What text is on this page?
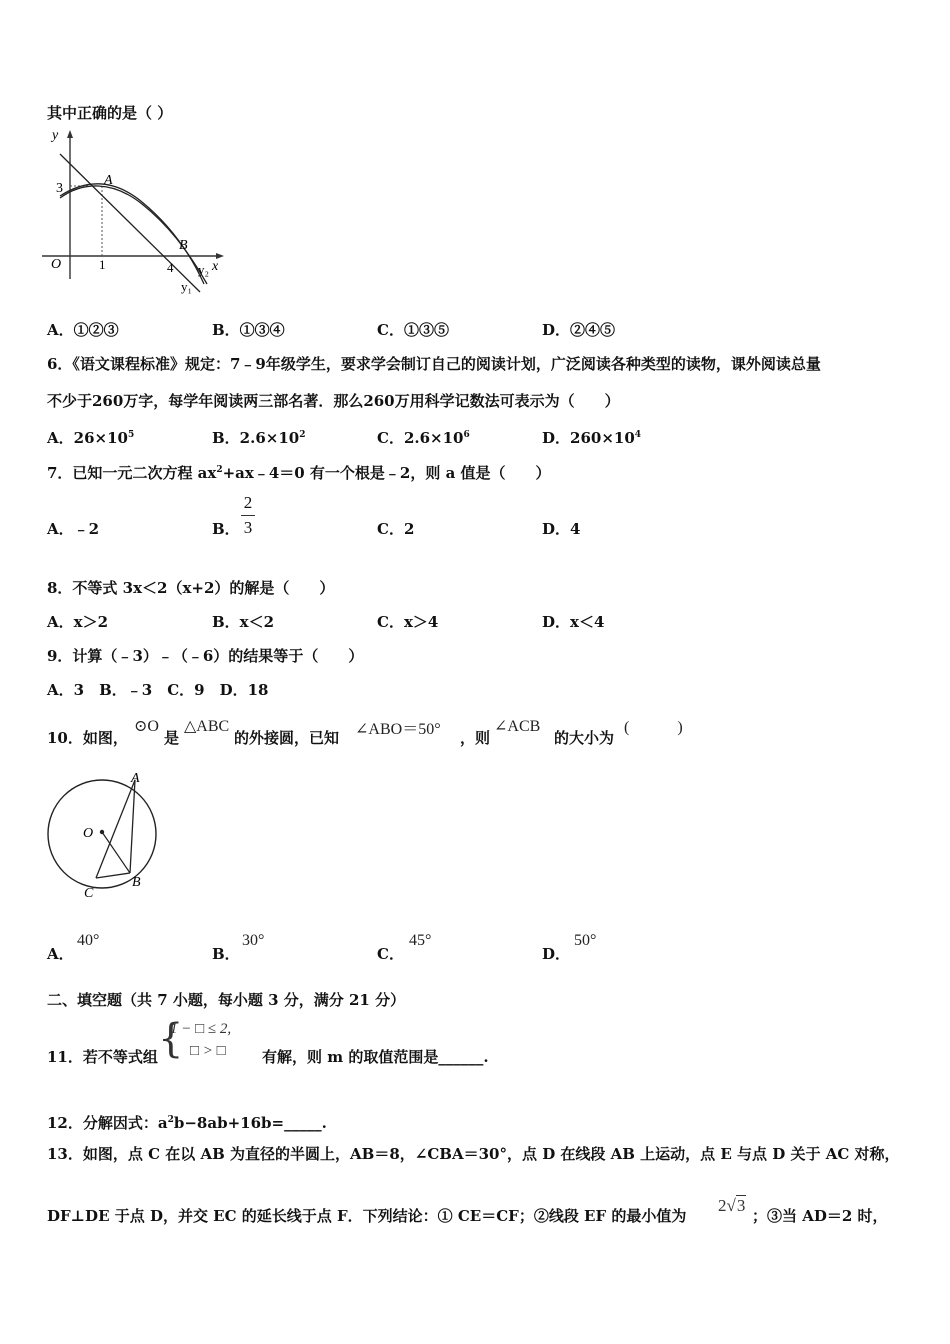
其中正确的是（ ）
y
x
O
3
1	4
A
B
y₂
y₁
A．①②③	B．①③④	C．①③⑤	D．②④⑤
6．《语文课程标准》规定：7﹣9年级学生，要求学会制订自己的阅读计划，广泛阅读各种类型的读物，课外阅读总量
不少于260万字，每学年阅读两三部名著．那么260万用科学记数法可表示为（　　）
A．$26\times 10^5$	B．$2.6\times 10^2$	C．$2.6\times 10^6$	D．$260\times 10^4$
7．已知一元二次方程 $ax^2+ax﹣4=0$ 有一个根是﹣2，则 a 值是（　　）
A．﹣2	B．
2
3	C．2	D．4
8．不等式 3x＜2（x+2）的解是（　　）
A．x＞2	B．x＜2	C．x＞4	D．x＜4
9．计算（﹣3）﹣（﹣6）的结果等于（　　）
A．3　B．﹣3　C．9　D．18
10．如图，
⊙O
是
△ABC
的外接圆，已知 ∠ABO＝50° ，则
∠ACB
的大小为
(　　　)
A
O
C
B
A．
40°
B．
30°
C．
45°
D．
50°
二、填空题（共 7 小题，每小题 3 分，满分 21 分）
11．若不等式组 {
1 − □ ≤ 2,
□ > □ 有解，则 m 的取值范围是______.
12．分解因式：$a^2b-8ab+16b=\_\_\_\_\_$.
13．如图，点 C 在以 AB 为直径的半圆上，AB＝8，∠CBA＝30°，点 D 在线段 AB 上运动，点 E 与点 D 关于 AC 对称，
DF⊥DE 于点 D，并交 EC 的延长线于点 F．下列结论：① CE＝CF；②线段 EF 的最小值为
2√3
；③当 AD＝2 时，
